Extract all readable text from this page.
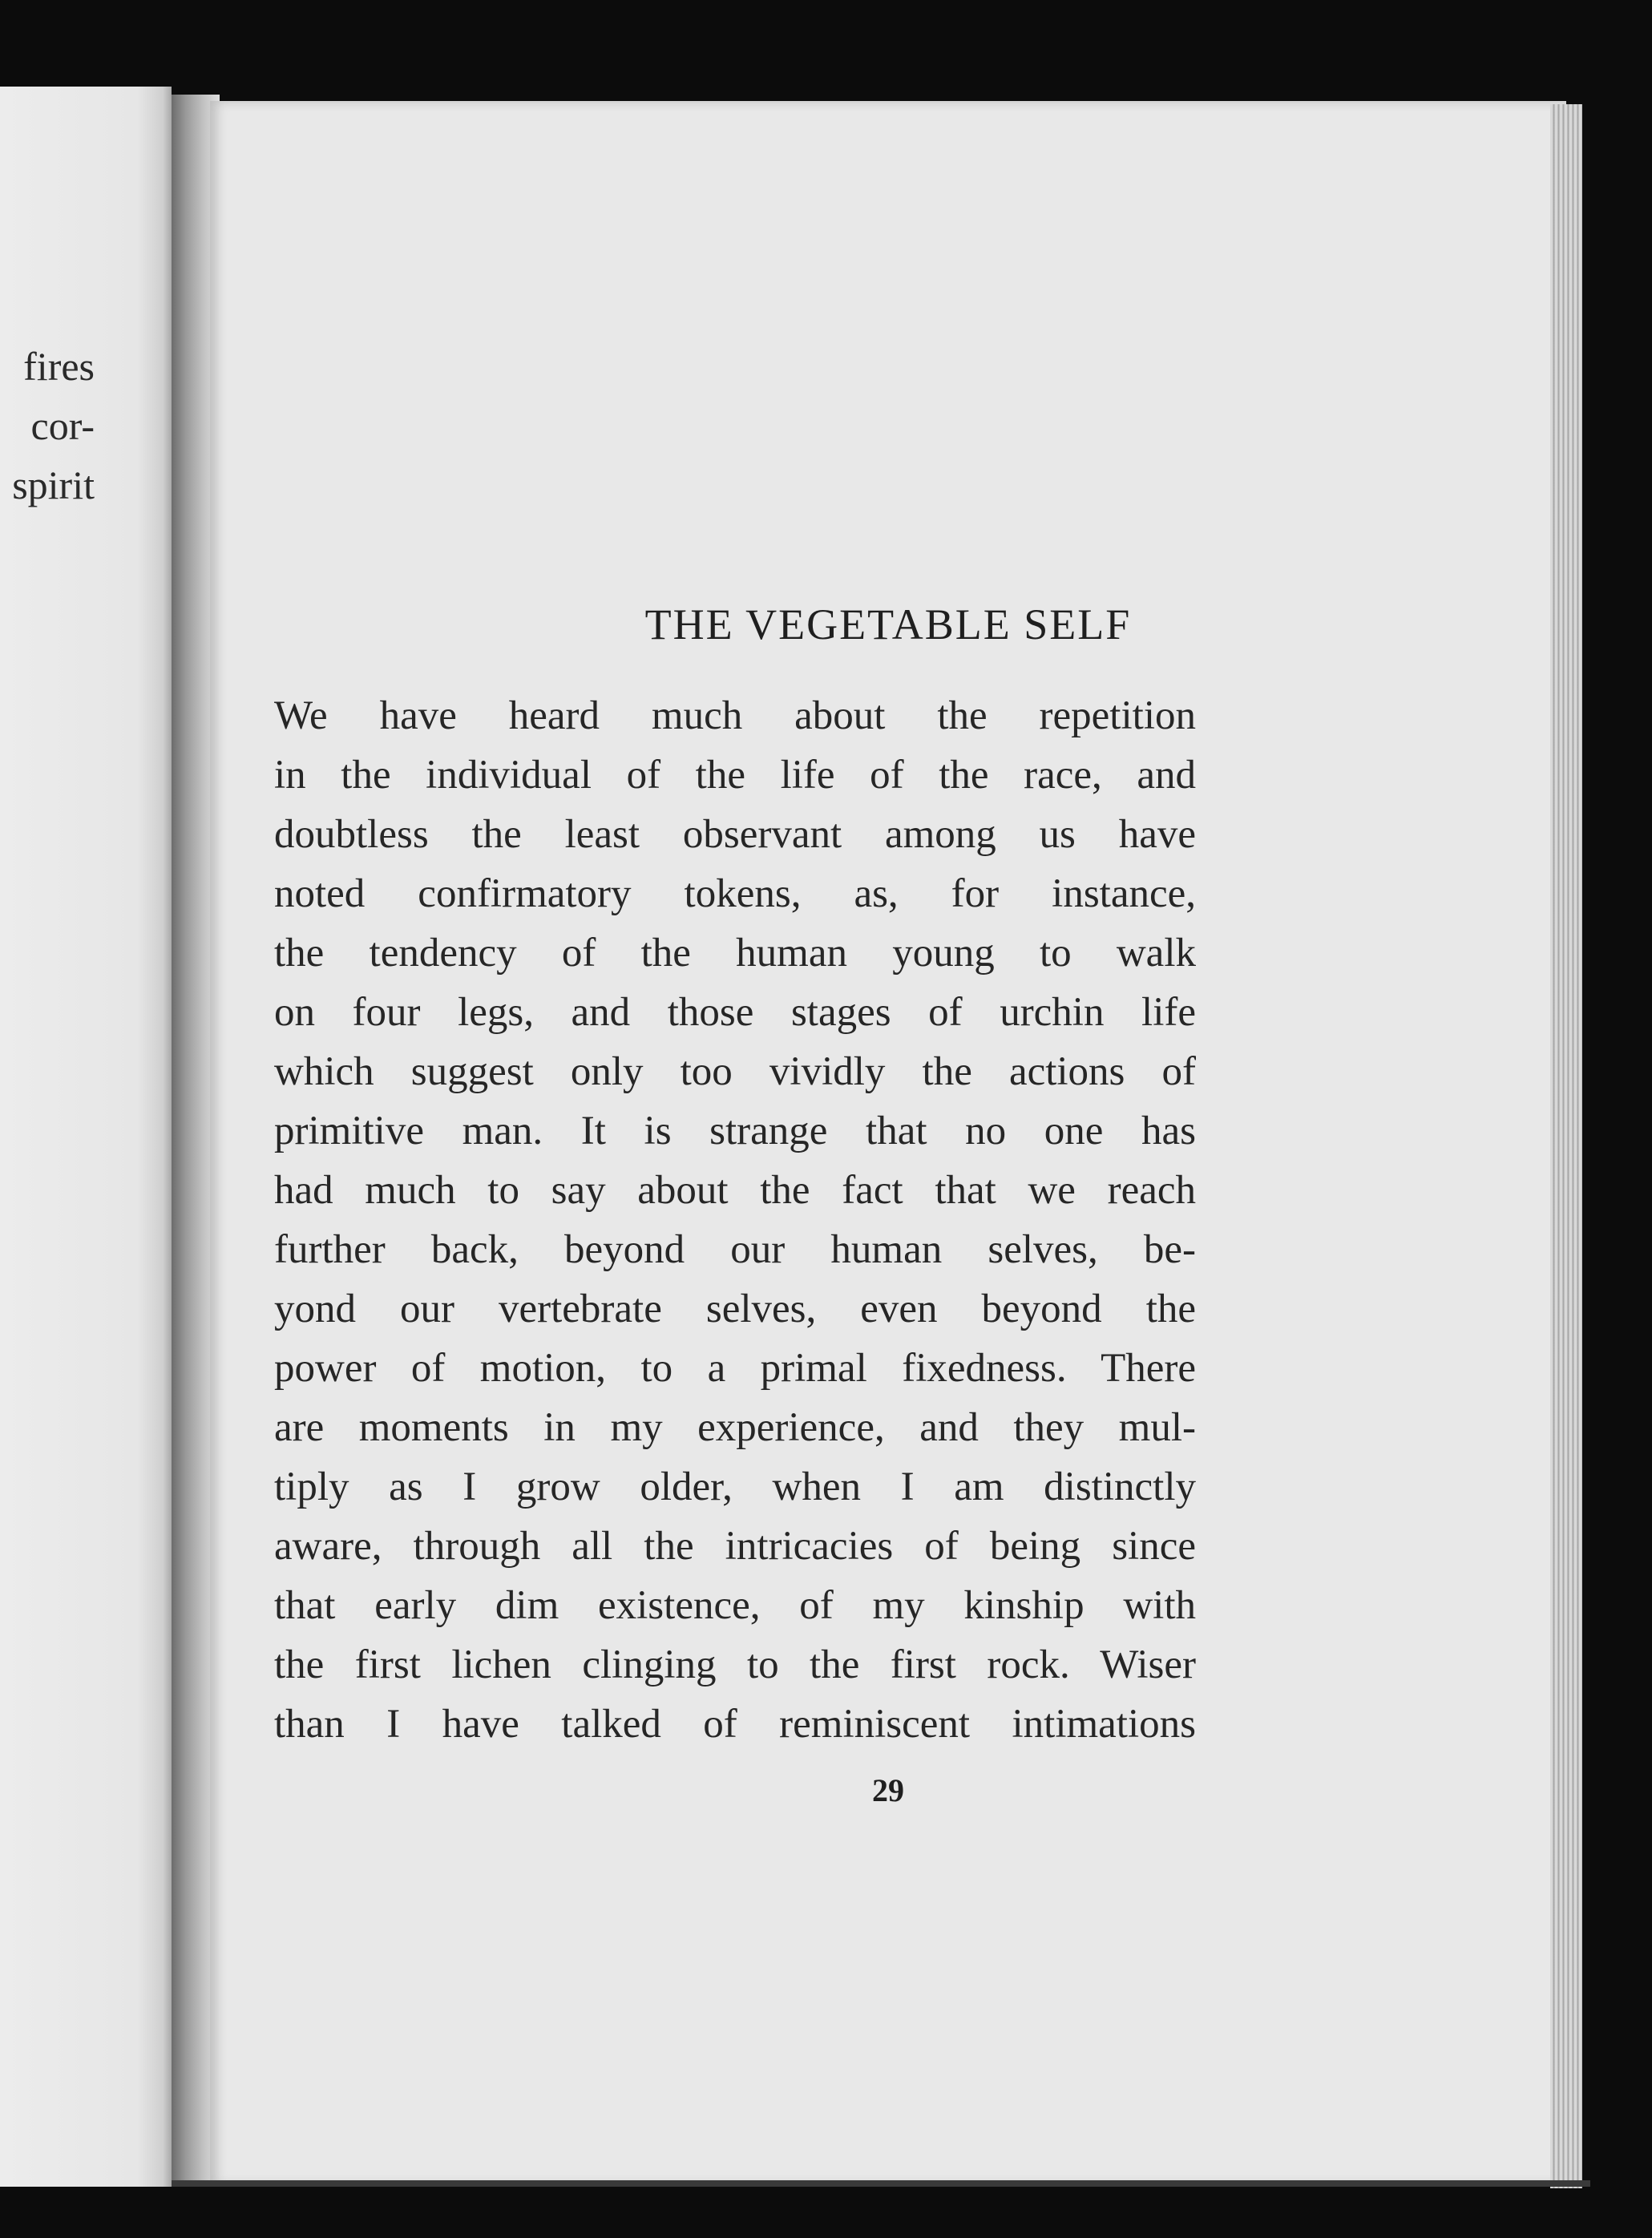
fires
cor-
spirit
THE VEGETABLE SELF
We have heard much about the repetition
in the individual of the life of the race, and
doubtless the least observant among us have
noted confirmatory tokens, as, for instance,
the tendency of the human young to walk
on four legs, and those stages of urchin life
which suggest only too vividly the actions of
primitive man. It is strange that no one has
had much to say about the fact that we reach
further back, beyond our human selves, be-
yond our vertebrate selves, even beyond the
power of motion, to a primal fixedness. There
are moments in my experience, and they mul-
tiply as I grow older, when I am distinctly
aware, through all the intricacies of being since
that early dim existence, of my kinship with
the first lichen clinging to the first rock. Wiser
than I have talked of reminiscent intimations
29
